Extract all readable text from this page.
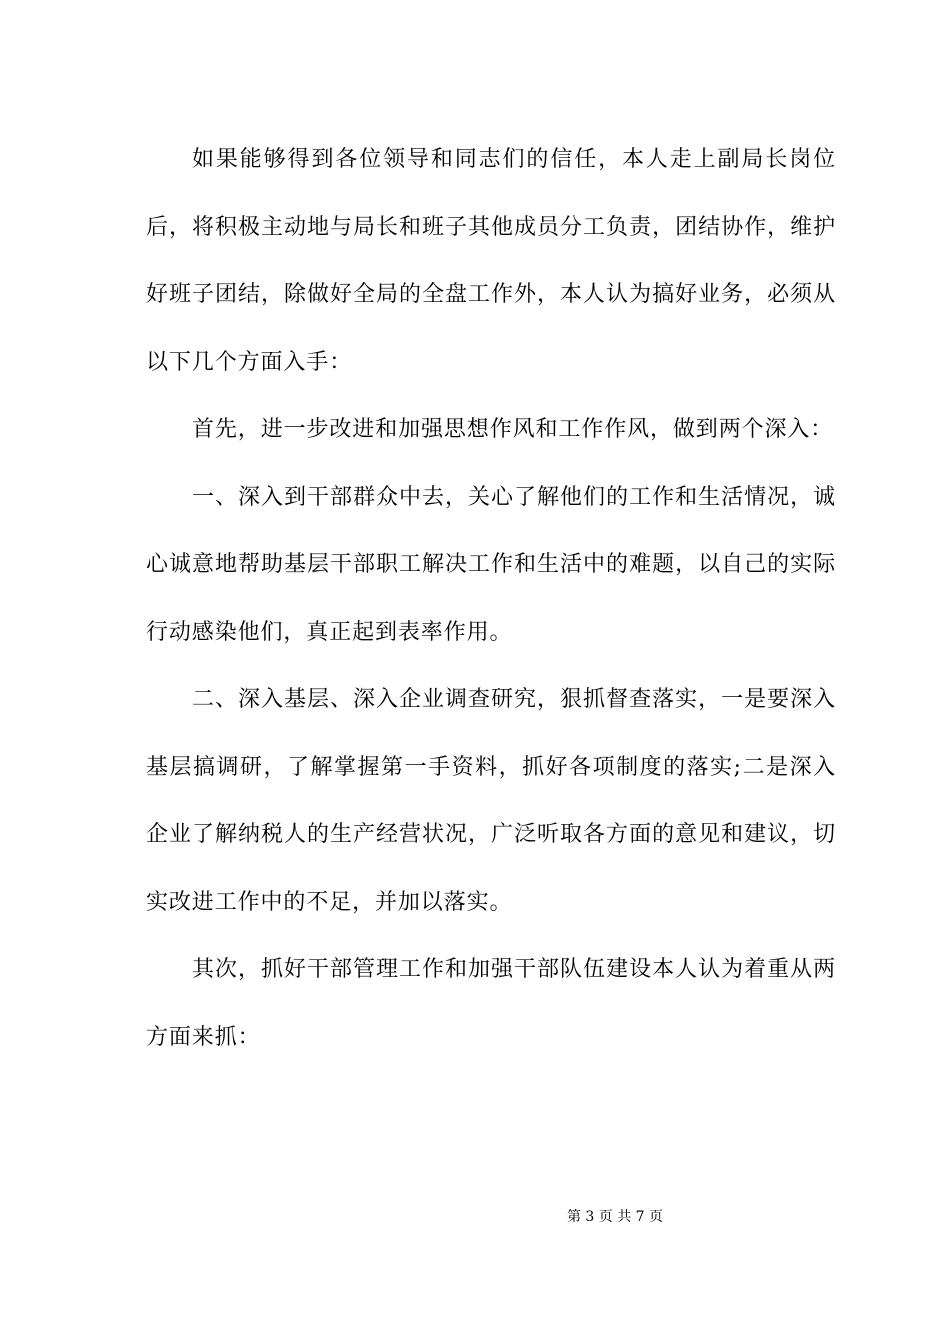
如果能够得到各位领导和同志们的信任，本人走上副局长岗位后，将积极主动地与局长和班子其他成员分工负责，团结协作，维护好班子团结，除做好全局的全盘工作外，本人认为搞好业务，必须从以下几个方面入手：

首先，进一步改进和加强思想作风和工作作风，做到两个深入：

一、深入到干部群众中去，关心了解他们的工作和生活情况，诚心诚意地帮助基层干部职工解决工作和生活中的难题，以自己的实际行动感染他们，真正起到表率作用。

二、深入基层、深入企业调查研究，狠抓督查落实，一是要深入基层搞调研，了解掌握第一手资料，抓好各项制度的落实;二是深入企业了解纳税人的生产经营状况，广泛听取各方面的意见和建议，切实改进工作中的不足，并加以落实。

其次，抓好干部管理工作和加强干部队伍建设本人认为着重从两方面来抓：

第 3 页 共 7 页
